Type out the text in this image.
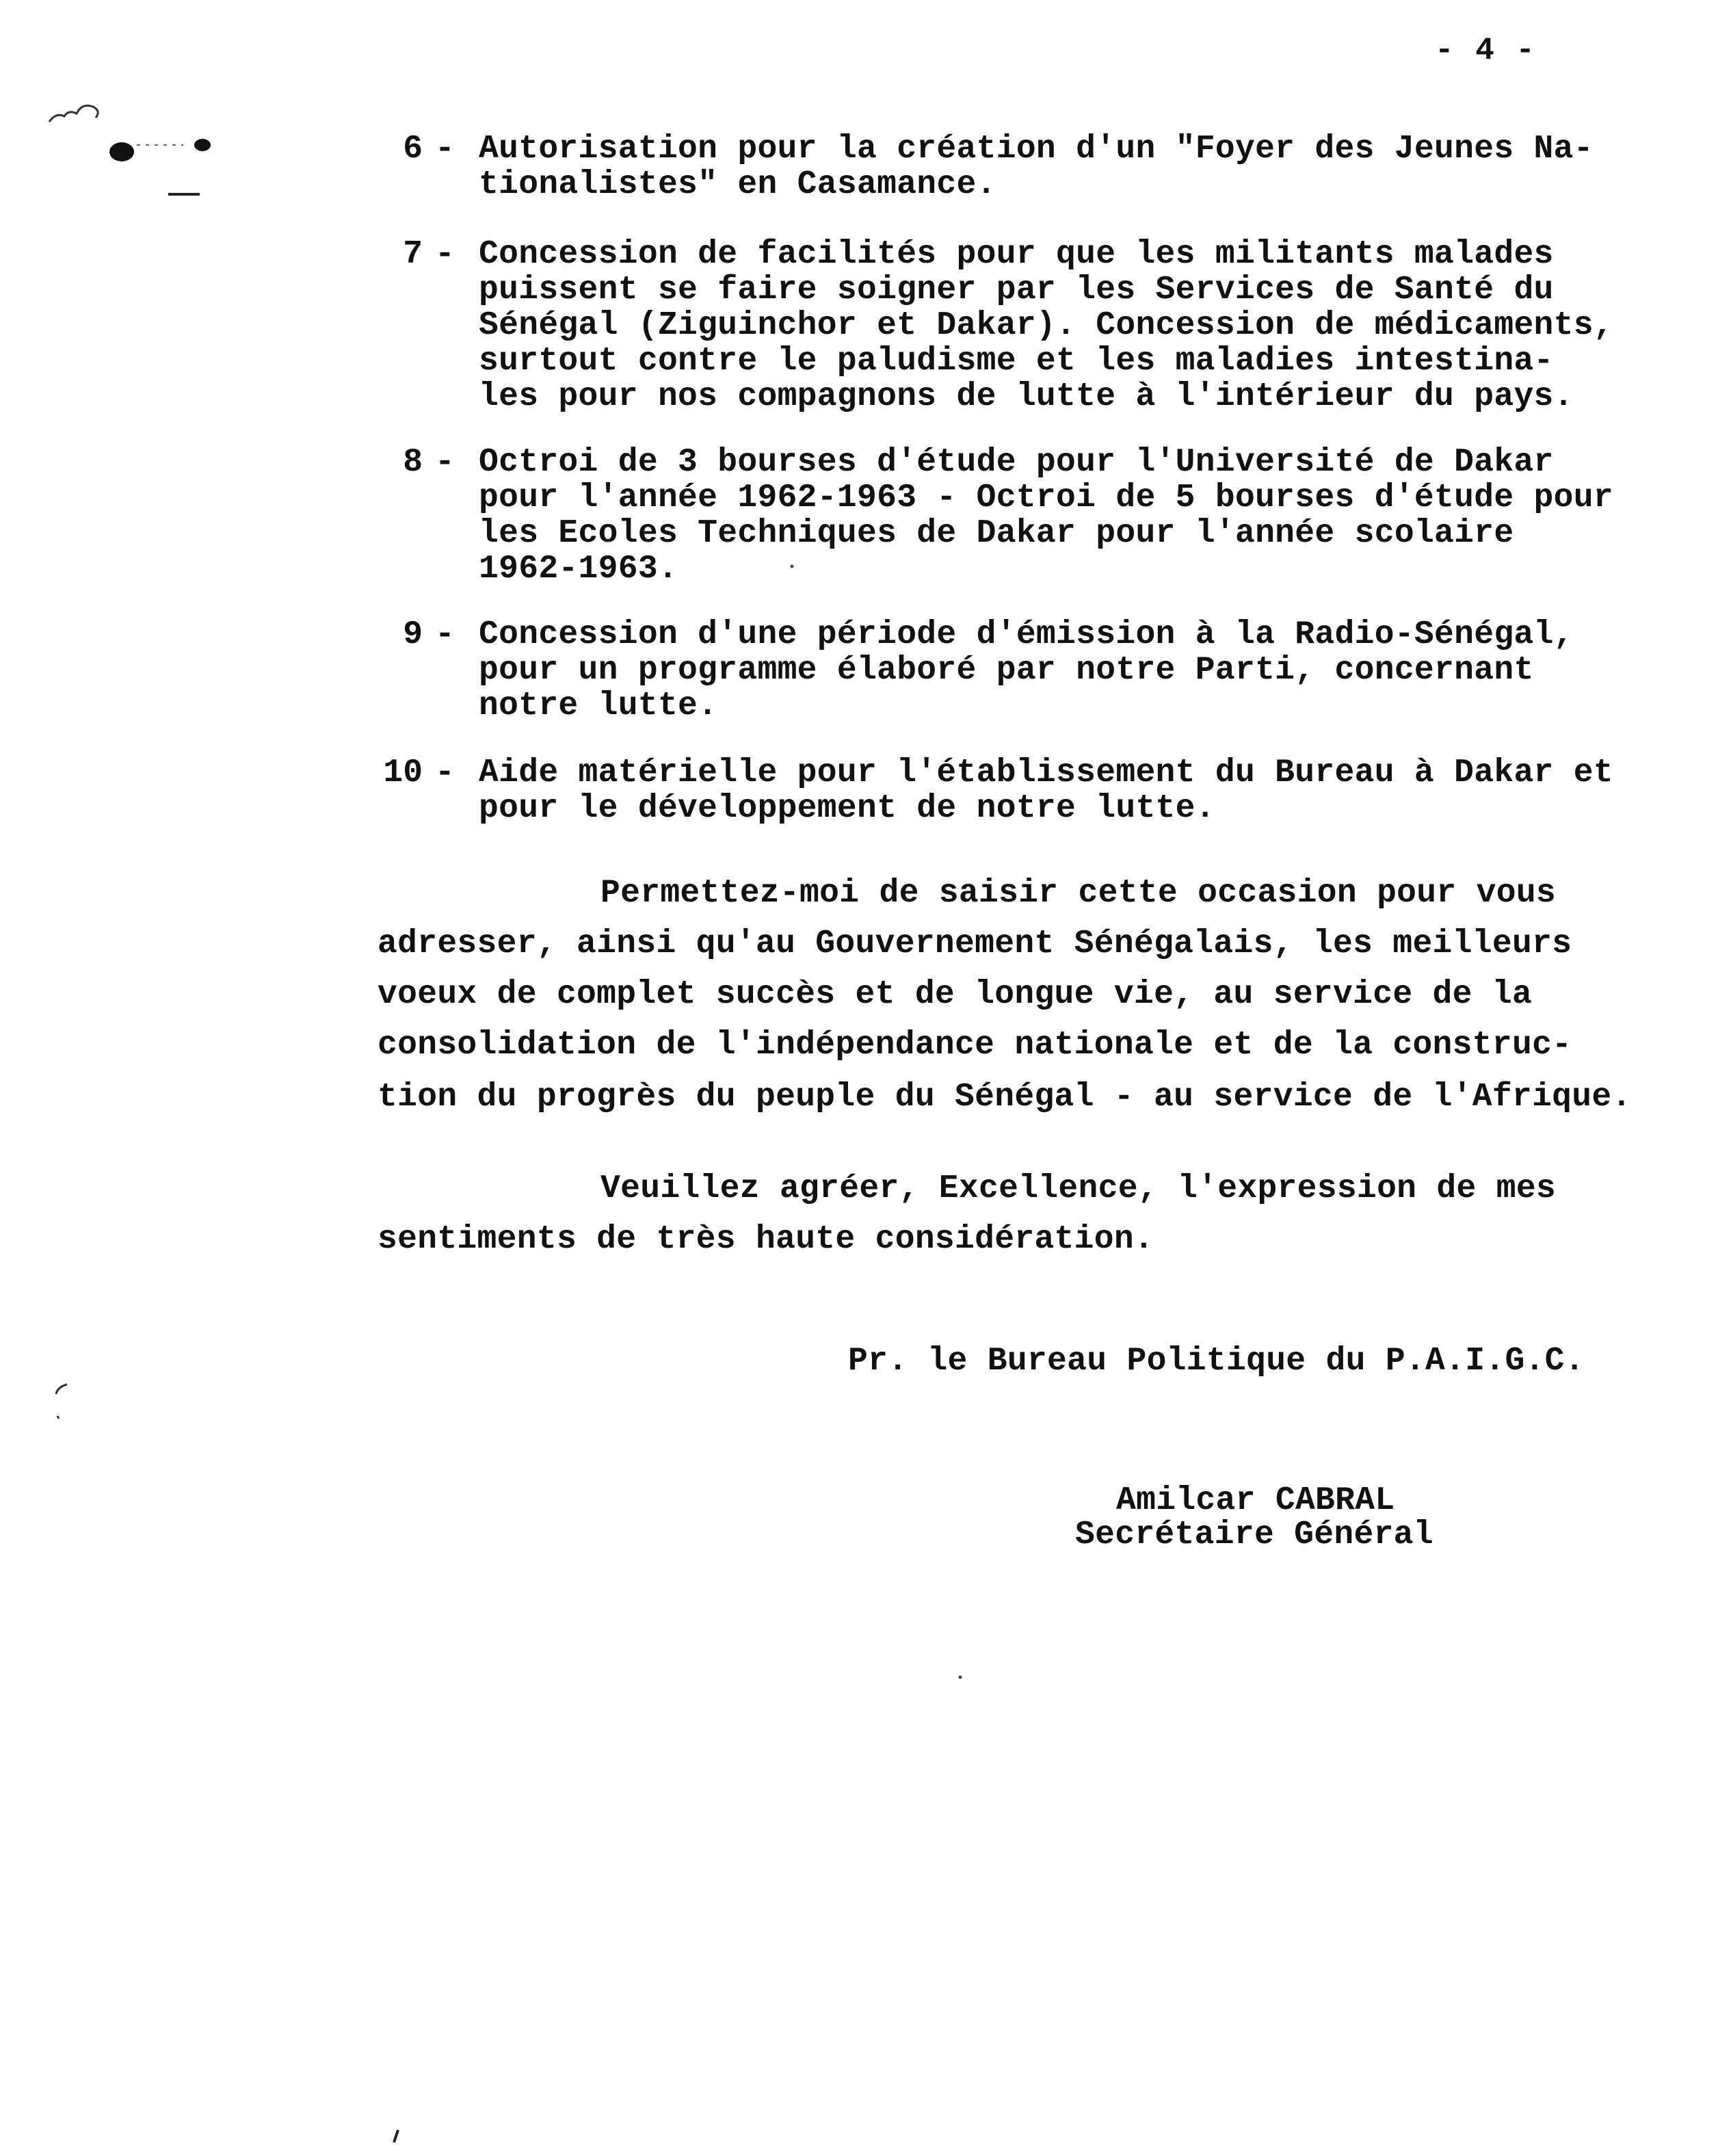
- 4 -
6 - Autorisation pour la création d'un "Foyer des Jeunes Na-
tionalistes" en Casamance.
7 - Concession de facilités pour que les militants malades
puissent se faire soigner par les Services de Santé du
Sénégal (Ziguinchor et Dakar). Concession de médicaments,
surtout contre le paludisme et les maladies intestina-
les pour nos compagnons de lutte à l'intérieur du pays.
8 - Octroi de 3 bourses d'étude pour l'Université de Dakar
pour l'année 1962-1963 - Octroi de 5 bourses d'étude pour
les Ecoles Techniques de Dakar pour l'année scolaire
1962-1963.
9 - Concession d'une période d'émission à la Radio-Sénégal,
pour un programme élaboré par notre Parti, concernant
notre lutte.
10 - Aide matérielle pour l'établissement du Bureau à Dakar et
pour le développement de notre lutte.
Permettez-moi de saisir cette occasion pour vous
adresser, ainsi qu'au Gouvernement Sénégalais, les meilleurs
voeux de complet succès et de longue vie, au service de la
consolidation de l'indépendance nationale et de la construc-
tion du progrès du peuple du Sénégal - au service de l'Afrique.
Veuillez agréer, Excellence, l'expression de mes
sentiments de très haute considération.
Pr. le Bureau Politique du P.A.I.G.C.
Amilcar CABRAL
Secrétaire Général
